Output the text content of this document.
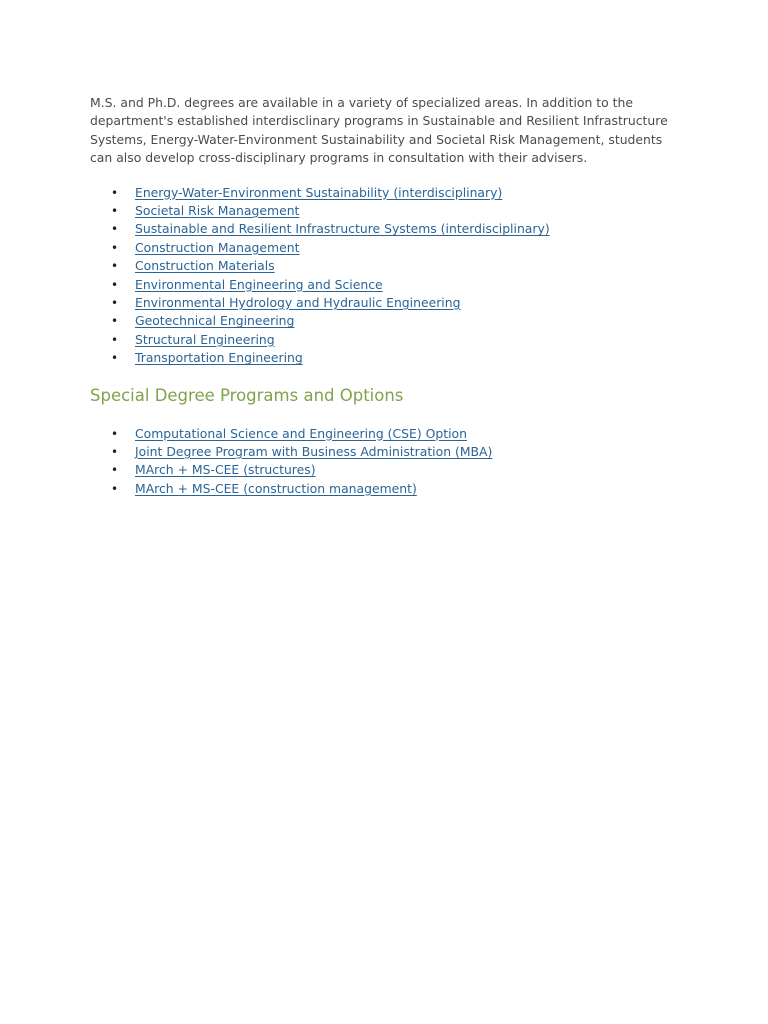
M.S. and Ph.D. degrees are available in a variety of specialized areas. In addition to the department's established interdisclinary programs in Sustainable and Resilient Infrastructure Systems, Energy-Water-Environment Sustainability and Societal Risk Management, students can also develop cross-disciplinary programs in consultation with their advisers.

• Energy-Water-Environment Sustainability (interdisciplinary)
• Societal Risk Management
• Sustainable and Resilient Infrastructure Systems (interdisciplinary)
• Construction Management
• Construction Materials
• Environmental Engineering and Science
• Environmental Hydrology and Hydraulic Engineering
• Geotechnical Engineering
• Structural Engineering
• Transportation Engineering
Special Degree Programs and Options
• Computational Science and Engineering (CSE) Option
• Joint Degree Program with Business Administration (MBA)
• MArch + MS-CEE (structures)
• MArch + MS-CEE (construction management)
